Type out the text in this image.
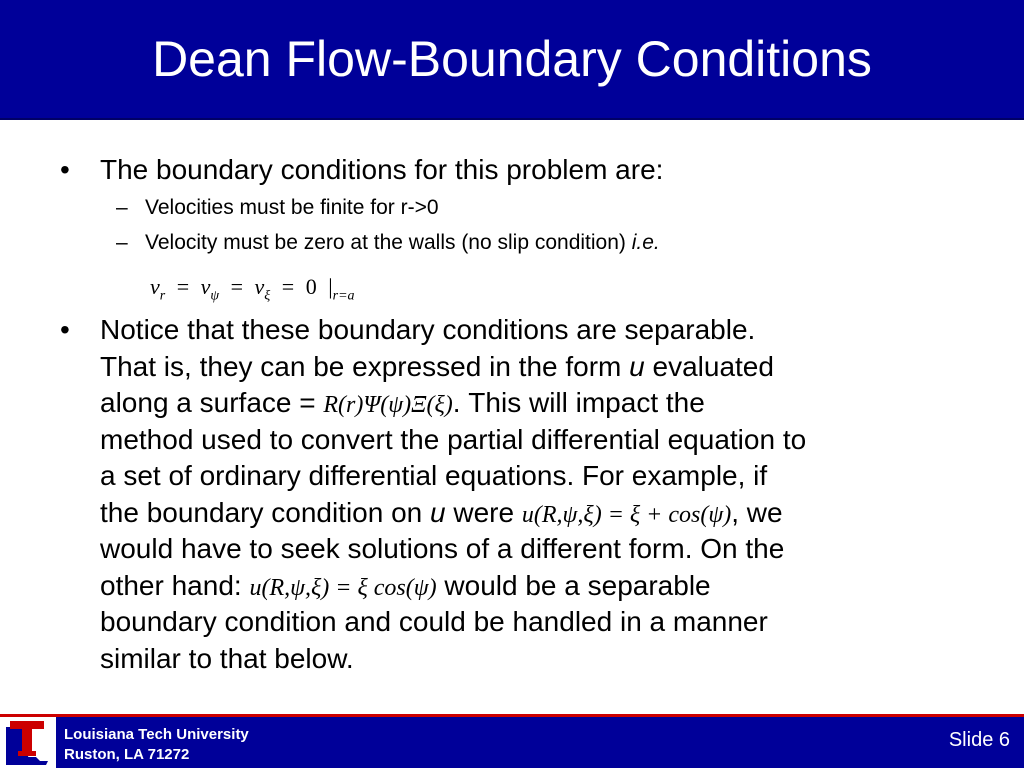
Dean Flow-Boundary Conditions
• The boundary conditions for this problem are:
– Velocities must be finite for r->0
– Velocity must be zero at the walls (no slip condition) i.e.
$v_r = v_\psi = v_\xi = 0$ $|_{r=a}$
• Notice that these boundary conditions are separable.
That is, they can be expressed in the form u evaluated
along a surface = R(r)Ψ(ψ)Ξ(ξ). This will impact the
method used to convert the partial differential equation to
a set of ordinary differential equations. For example, if
the boundary condition on u were u(R,ψ,ξ) = ξ + cos(ψ), we
would have to seek solutions of a different form. On the
other hand: u(R,ψ,ξ) = ξ cos(ψ) would be a separable
boundary condition and could be handled in a manner
similar to that below.
Louisiana Tech University
Ruston, LA 71272
Slide 6
